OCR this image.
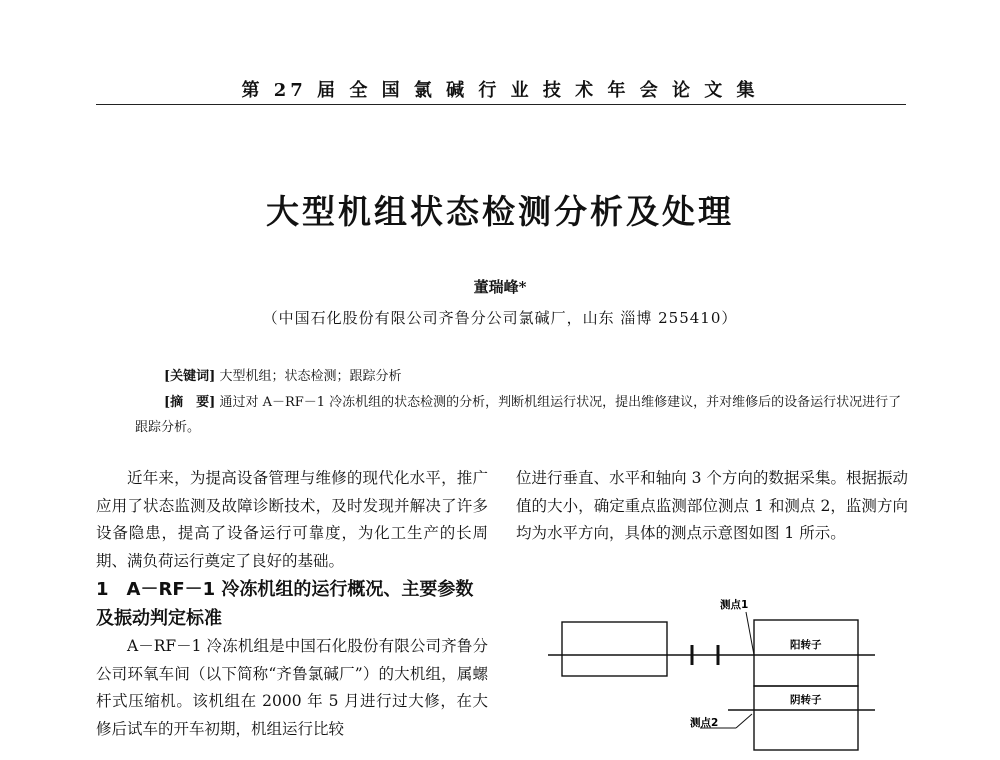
第 27 届 全 国 氯 碱 行 业 技 术 年 会 论 文 集
大型机组状态检测分析及处理
董瑞峰*
（中国石化股份有限公司齐鲁分公司氯碱厂，山东 淄博 255410）
[关键词] 大型机组；状态检测；跟踪分析
[摘　要] 通过对 A－RF－1 冷冻机组的状态检测的分析，判断机组运行状况，提出维修建议，并对维修后的设备运行状况进行了跟踪分析。

近年来，为提高设备管理与维修的现代化水平，推广应用了状态监测及故障诊断技术，及时发现并解决了许多设备隐患，提高了设备运行可靠度，为化工生产的长周期、满负荷运行奠定了良好的基础。

1　A－RF－1 冷冻机组的运行概况、主要参数及振动判定标准

A－RF－1 冷冻机组是中国石化股份有限公司齐鲁分公司环氧车间（以下简称“齐鲁氯碱厂”）的大机组，属螺杆式压缩机。该机组在 2000 年 5 月进行过大修，在大修后试车的开车初期，机组运行比较

位进行垂直、水平和轴向 3 个方向的数据采集。根据振动值的大小，确定重点监测部位测点 1 和测点 2，监测方向均为水平方向，具体的测点示意图如图 1 所示。

测点1
测点2
阳转子
阴转子
